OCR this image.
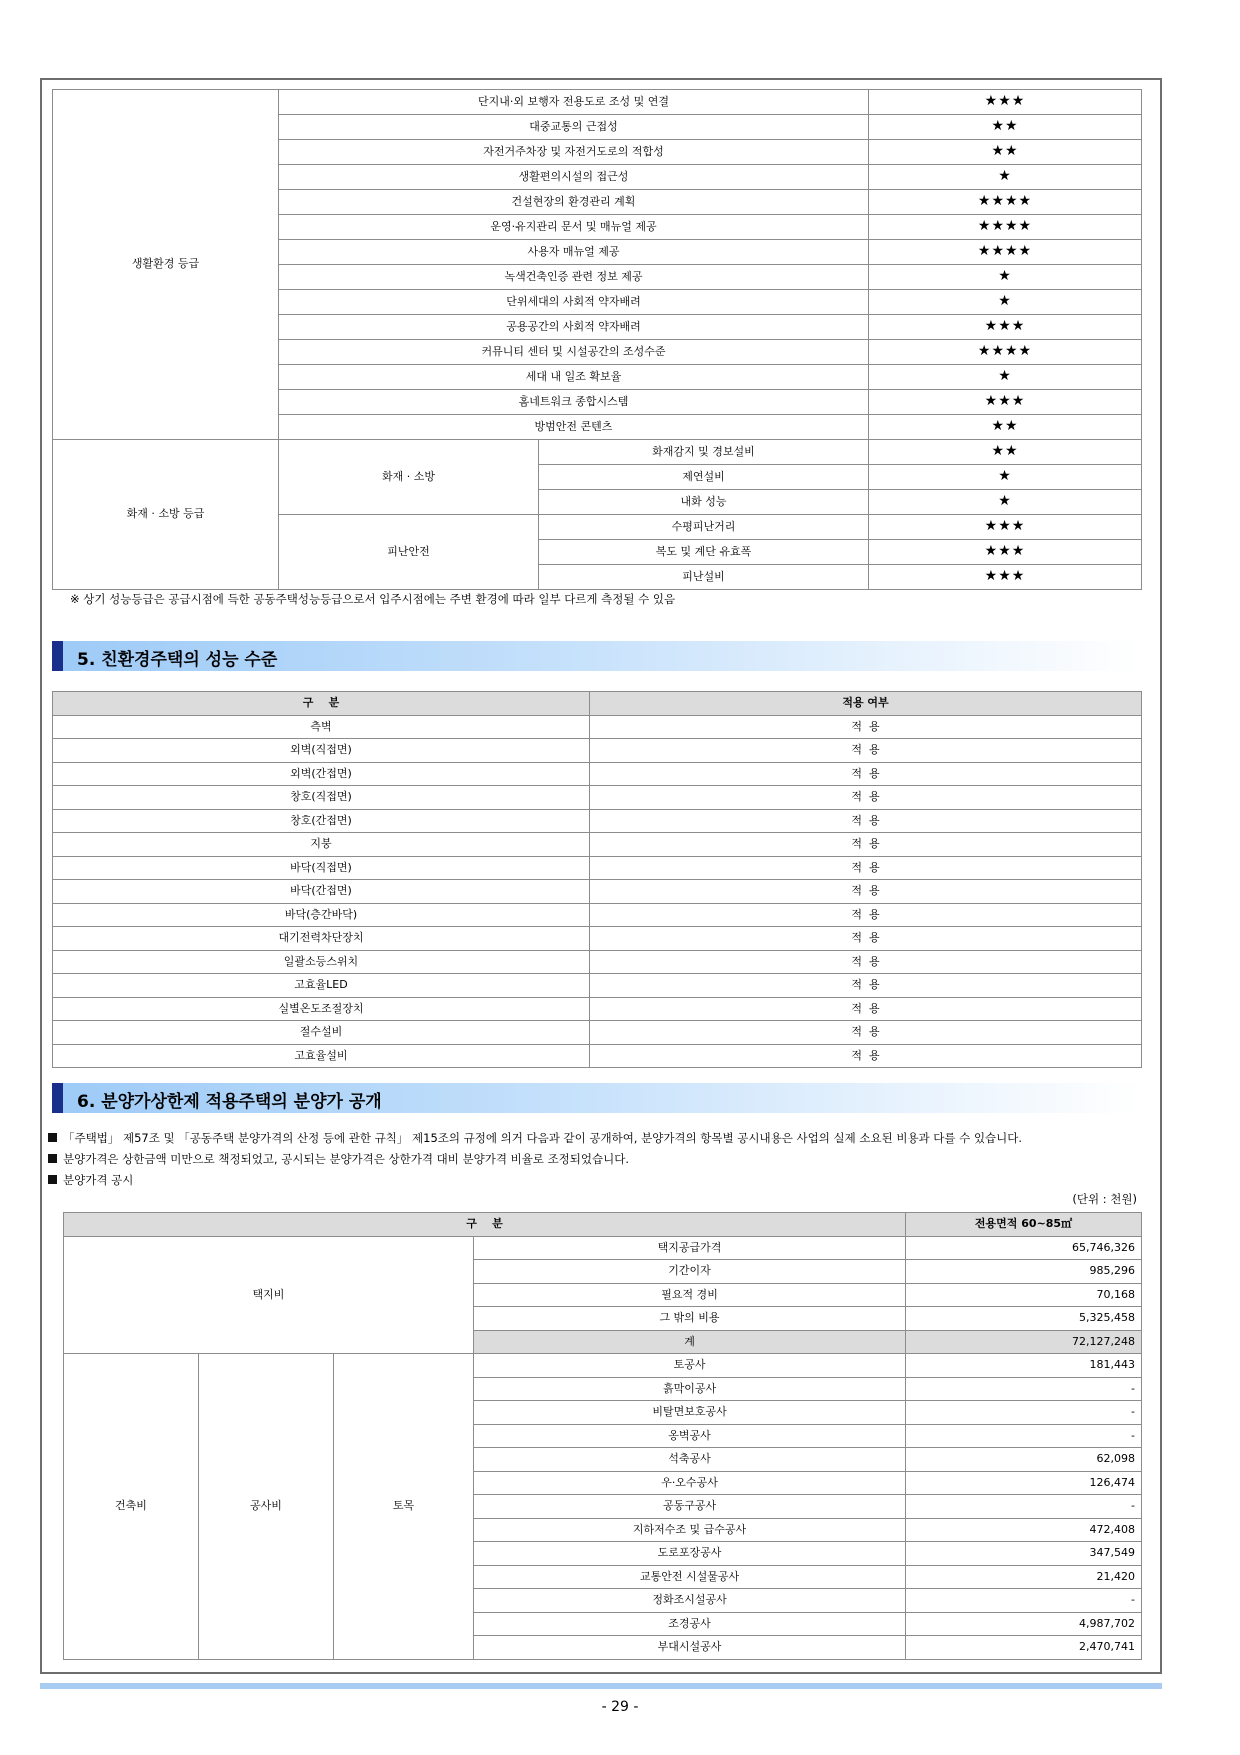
생활환경 등급	단지내·외 보행자 전용도로 조성 및 연결		★★★
	대중교통의 근접성		★★
	자전거주차장 및 자전거도로의 적합성		★★
	생활편의시설의 접근성		★
	건설현장의 환경관리 계획		★★★★
	운영·유지관리 문서 및 매뉴얼 제공		★★★★
	사용자 매뉴얼 제공		★★★★
	녹색건축인증 관련 정보 제공		★
	단위세대의 사회적 약자배려		★
	공용공간의 사회적 약자배려		★★★
	커뮤니티 센터 및 시설공간의 조성수준		★★★★
	세대 내 일조 확보율		★
	홈네트워크 종합시스템		★★★
	방범안전 콘텐츠		★★
화재 · 소방 등급	화재 · 소방	화재감지 및 경보설비	★★
		제연설비	★
		내화 성능	★
	피난안전	수평피난거리	★★★
		복도 및 계단 유효폭	★★★
		피난설비	★★★
※ 상기 성능등급은 공급시점에 득한 공동주택성능등급으로서 입주시점에는 주변 환경에 따라 일부 다르게 측정될 수 있음
5. 친환경주택의 성능 수준
구    분	적용 여부
측벽	적  용
외벽(직접면)	적  용
외벽(간접면)	적  용
창호(직접면)	적  용
창호(간접면)	적  용
지붕	적  용
바닥(직접면)	적  용
바닥(간접면)	적  용
바닥(층간바닥)	적  용
대기전력차단장치	적  용
일괄소등스위치	적  용
고효율LED	적  용
실별온도조절장치	적  용
절수설비	적  용
고효율설비	적  용
6. 분양가상한제 적용주택의 분양가 공개
「주택법」 제57조 및 「공동주택 분양가격의 산정 등에 관한 규칙」 제15조의 규정에 의거 다음과 같이 공개하여, 분양가격의 항목별 공시내용은 사업의 실제 소요된 비용과 다를 수 있습니다.
분양가격은 상한금액 미만으로 책정되었고, 공시되는 분양가격은 상한가격 대비 분양가격 비율로 조정되었습니다.
분양가격 공시
(단위 : 천원)
구    분				전용면적 60~85㎡
택지비			택지공급가격	65,746,326
			기간이자	985,296
			필요적 경비	70,168
			그 밖의 비용	5,325,458
			계	72,127,248
건축비	공사비	토목	토공사	181,443
			흙막이공사	-
			비탈면보호공사	-
			옹벽공사	-
			석축공사	62,098
			우·오수공사	126,474
			공동구공사	-
			지하저수조 및 급수공사	472,408
			도로포장공사	347,549
			교통안전 시설물공사	21,420
			정화조시설공사	-
			조경공사	4,987,702
			부대시설공사	2,470,741
- 29 -
